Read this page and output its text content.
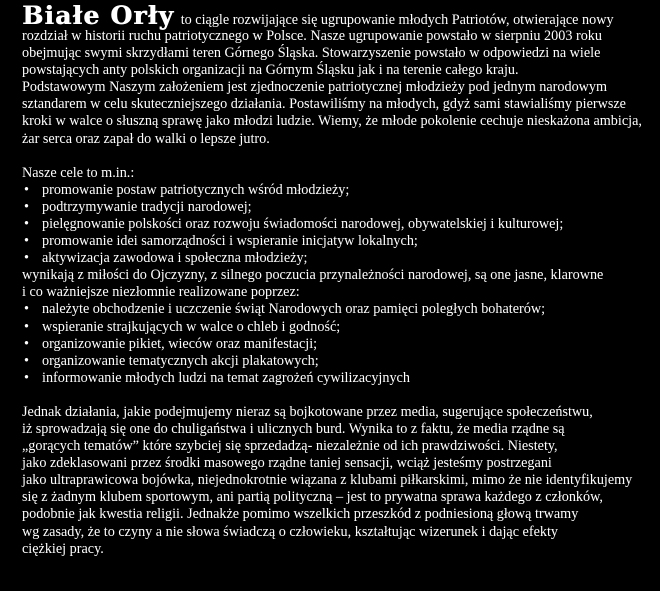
Białe Orły to ciągle rozwijające się ugrupowanie młodych Patriotów, otwierające nowy
rozdział w historii ruchu patriotycznego w Polsce. Nasze ugrupowanie powstało w sierpniu 2003 roku
obejmując swymi skrzydłami teren Górnego Śląska. Stowarzyszenie powstało w odpowiedzi na wiele
powstających anty polskich organizacji na Górnym Śląsku jak i na terenie całego kraju.
Podstawowym Naszym założeniem jest zjednoczenie patriotycznej młodzieży pod jednym narodowym
sztandarem w celu skuteczniejszego działania. Postawiliśmy na młodych, gdyż sami stawialiśmy pierwsze
kroki w walce o słuszną sprawę jako młodzi ludzie. Wiemy, że młode pokolenie cechuje nieskażona ambicja,
żar serca oraz zapał do walki o lepsze jutro.
Nasze cele to m.in.:
• promowanie postaw patriotycznych wśród młodzieży;
• podtrzymywanie tradycji narodowej;
• pielęgnowanie polskości oraz rozwoju świadomości narodowej, obywatelskiej i kulturowej;
• promowanie idei samorządności i wspieranie inicjatyw lokalnych;
• aktywizacja zawodowa i społeczna młodzieży;
wynikają z miłości do Ojczyzny, z silnego poczucia przynależności narodowej, są one jasne, klarowne
i co ważniejsze niezłomnie realizowane poprzez:
• należyte obchodzenie i uczczenie świąt Narodowych oraz pamięci poległych bohaterów;
• wspieranie strajkujących w walce o chleb i godność;
• organizowanie pikiet, wieców oraz manifestacji;
• organizowanie tematycznych akcji plakatowych;
• informowanie młodych ludzi na temat zagrożeń cywilizacyjnych
Jednak działania, jakie podejmujemy nieraz są bojkotowane przez media, sugerujące społeczeństwu,
iż sprowadzają się one do chuligaństwa i ulicznych burd. Wynika to z faktu, że media rządne są
„gorących tematów” które szybciej się sprzedadzą- niezależnie od ich prawdziwości. Niestety,
jako zdeklasowani przez środki masowego rządne taniej sensacji, wciąż jesteśmy postrzegani
jako ultraprawicowa bojówka, niejednokrotnie wiązana z klubami piłkarskimi, mimo że nie identyfikujemy
się z żadnym klubem sportowym, ani partią polityczną – jest to prywatna sprawa każdego z członków,
podobnie jak kwestia religii. Jednakże pomimo wszelkich przeszkód z podniesioną głową trwamy
wg zasady, że to czyny a nie słowa świadczą o człowieku, kształtując wizerunek i dając efekty
ciężkiej pracy.
